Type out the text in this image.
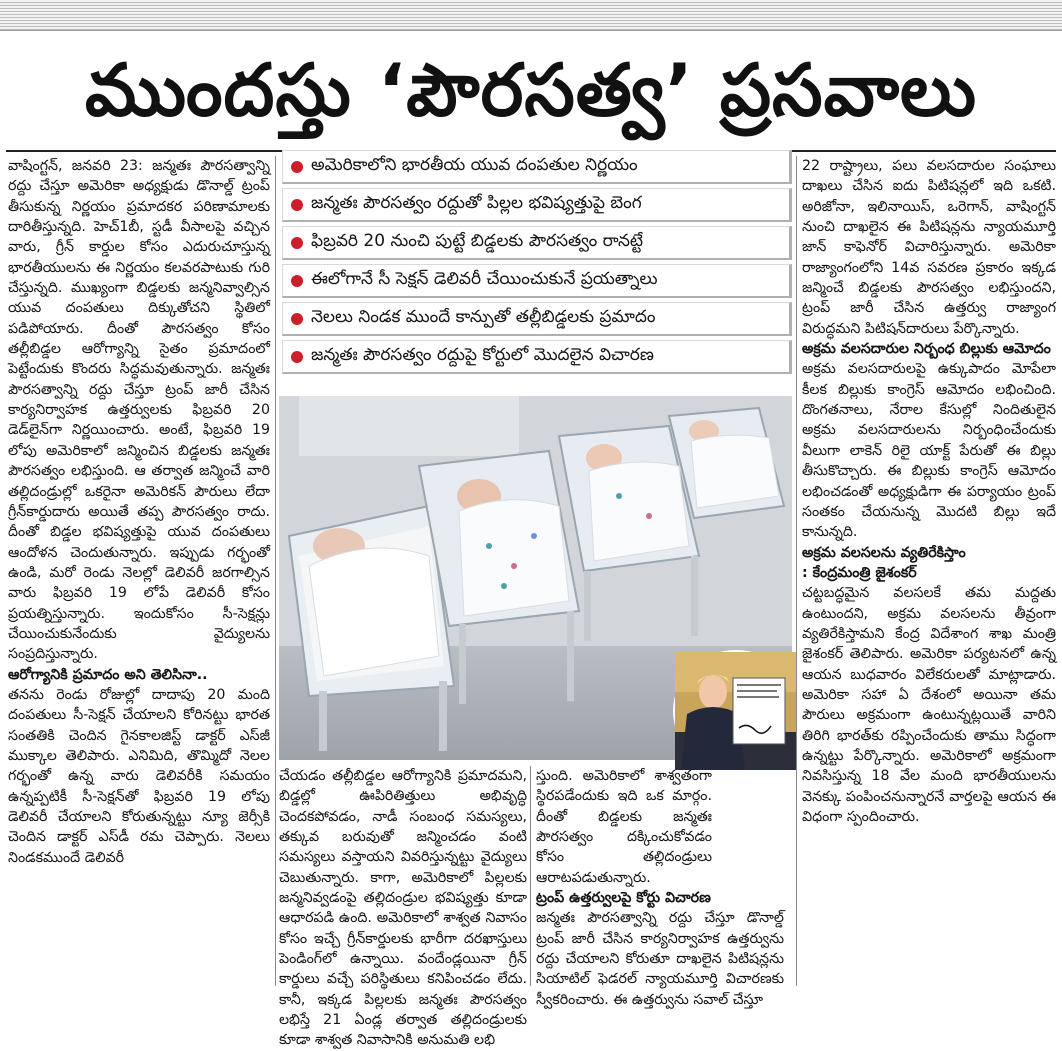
ముందస్తు ‘పౌరసత్వ’ ప్రసవాలు

వాషింగ్టన్, జనవరి 23: జన్మతః పౌరసత్వాన్ని రద్దు చేస్తూ అమెరికా అధ్యక్షుడు డొనాల్డ్ ట్రంప్ తీసుకున్న నిర్ణయం ప్రమాదకర పరిణామాలకు దారితీస్తున్నది. హెచ్1బీ, స్టడీ వీసాలపై వచ్చిన వారు, గ్రీన్ కార్డుల కోసం ఎదురుచూస్తున్న భారతీయులను ఈ నిర్ణయం కలవరపాటుకు గురి చేస్తున్నది. ముఖ్యంగా బిడ్డలకు జన్మనివ్వాల్సిన యువ దంపతులు దిక్కుతోచని స్థితిలో పడిపోయారు. దీంతో పౌరసత్వం కోసం తల్లీబిడ్డల ఆరోగ్యాన్ని సైతం ప్రమాదంలో పెట్టేందుకు కొందరు సిద్ధమవుతున్నారు. జన్మతః పౌరసత్వాన్ని రద్దు చేస్తూ ట్రంప్ జారీ చేసిన కార్యనిర్వాహక ఉత్తర్వులకు ఫిబ్రవరి 20 డెడ్‌లైన్‌గా నిర్ణయించారు. అంటే, ఫిబ్రవరి 19 లోపు అమెరికాలో జన్మించిన బిడ్డలకు జన్మతః పౌరసత్వం లభిస్తుంది. ఆ తర్వాత జన్మించే వారి తల్లిదండ్రుల్లో ఒకరైనా అమెరికన్ పౌరులు లేదా గ్రీన్‌కార్డుదారు అయితే తప్ప పౌరసత్వం రాదు. దీంతో బిడ్డల భవిష్యత్తుపై యువ దంపతులు ఆందోళన చెందుతున్నారు. ఇప్పుడు గర్భంతో ఉండి, మరో రెండు నెలల్లో డెలివరీ జరగాల్సిన వారు ఫిబ్రవరి 19 లోపే డెలివరీ కోసం ప్రయత్నిస్తున్నారు. ఇందుకోసం సీ-సెక్షన్లు చేయించుకునేందుకు వైద్యులను సంప్రదిస్తున్నారు.

ఆరోగ్యానికి ప్రమాదం అని తెలిసినా..

తనను రెండు రోజుల్లో దాదాపు 20 మంది దంపతులు సీ-సెక్షన్ చేయాలని కోరినట్టు భారత సంతతికి చెందిన గైనకాలజిస్ట్ డాక్టర్ ఎస్‌జీ ముక్కాల తెలిపారు. ఎనిమిది, తొమ్మిదో నెలల గర్భంతో ఉన్న వారు డెలివరీకి సమయం ఉన్నప్పటికీ సీ-సెక్షన్‌తో ఫిబ్రవరి 19 లోపు డెలివరీ చేయాలని కోరుతున్నట్టు న్యూ జెర్సీకి చెందిన డాక్టర్ ఎస్‌డీ రమ చెప్పారు. నెలలు నిండకముందే డెలివరీ

అమెరికాలోని భారతీయ యువ దంపతుల నిర్ణయం
జన్మతః పౌరసత్వం రద్దుతో పిల్లల భవిష్యత్తుపై బెంగ
ఫిబ్రవరి 20 నుంచి పుట్టే బిడ్డలకు పౌరసత్వం రానట్టే
ఈలోగానే సీ సెక్షన్ డెలివరీ చేయించుకునే ప్రయత్నాలు
నెలలు నిండక ముందే కాన్పుతో తల్లీబిడ్డలకు ప్రమాదం
జన్మతః పౌరసత్వం రద్దుపై కోర్టులో మొదలైన విచారణ

చేయడం తల్లీబిడ్డల ఆరోగ్యానికి ప్రమాదమని, బిడ్డల్లో ఊపిరితిత్తులు అభివృద్ధి చెందకపోవడం, నాడీ సంబంధ సమస్యలు, తక్కువ బరువుతో జన్మించడం వంటి సమస్యలు వస్తాయని వివరిస్తున్నట్టు వైద్యులు చెబుతున్నారు. కాగా, అమెరికాలో పిల్లలకు జన్మనివ్వడంపై తల్లిదండ్రుల భవిష్యత్తు కూడా ఆధారపడి ఉంది. అమెరికాలో శాశ్వత నివాసం కోసం ఇచ్చే గ్రీన్‌కార్డులకు భారీగా దరఖాస్తులు పెండింగ్‌లో ఉన్నాయి. వందేండ్లయినా గ్రీన్ కార్డులు వచ్చే పరిస్థితులు కనిపించడం లేదు. కానీ, ఇక్కడ పిల్లలకు జన్మతః పౌరసత్వం లభిస్తే 21 ఏండ్ల తర్వాత తల్లిదండ్రులకు కూడా శాశ్వత నివాసానికి అనుమతి లభి

స్తుంది. అమెరికాలో శాశ్వతంగా స్థిరపడేందుకు ఇది ఒక మార్గం. దీంతో బిడ్డలకు జన్మతః పౌరసత్వం దక్కించుకోవడం కోసం తల్లిదండ్రులు ఆరాటపడుతున్నారు.

ట్రంప్ ఉత్తర్వులపై కోర్టు విచారణ

జన్మతః పౌరసత్వాన్ని రద్దు చేస్తూ డొనాల్డ్ ట్రంప్ జారీ చేసిన కార్యనిర్వాహక ఉత్తర్వును రద్దు చేయాలని కోరుతూ దాఖలైన పిటిషన్లను సియాటిల్ ఫెడరల్ న్యాయమూర్తి విచారణకు స్వీకరించారు. ఈ ఉత్తర్వును సవాల్ చేస్తూ

22 రాష్ట్రాలు, పలు వలసదారుల సంఘాలు దాఖలు చేసిన ఐదు పిటిషన్లలో ఇది ఒకటి. అరిజోనా, ఇలినాయిస్, ఒరెగాన్, వాషింగ్టన్ నుంచి దాఖలైన ఈ పిటిషన్లను న్యాయమూర్తి జాన్ కాఫెనోర్ విచారిస్తున్నారు. అమెరికా రాజ్యాంగంలోని 14వ సవరణ ప్రకారం ఇక్కడ జన్మించే బిడ్డలకు పౌరసత్వం లభిస్తుందని, ట్రంప్ జారీ చేసిన ఉత్తర్వు రాజ్యాంగ విరుద్ధమని పిటిషన్‌దారులు పేర్కొన్నారు.

అక్రమ వలసదారుల నిర్బంధ బిల్లుకు ఆమోదం

అక్రమ వలసదారులపై ఉక్కుపాదం మోపేలా కీలక బిల్లుకు కాంగ్రెస్ ఆమోదం లభించింది. దొంగతనాలు, నేరాల కేసుల్లో నిందితులైన అక్రమ వలసదారులను నిర్బంధించేందుకు వీలుగా లాకెన్ రిలై యాక్ట్ పేరుతో ఈ బిల్లు తీసుకొచ్చారు. ఈ బిల్లుకు కాంగ్రెస్ ఆమోదం లభించడంతో అధ్యక్షుడిగా ఈ పర్యాయం ట్రంప్ సంతకం చేయనున్న మొదటి బిల్లు ఇదే కానున్నది.

అక్రమ వలసలను వ్యతిరేకిస్తాం

: కేంద్రమంత్రి జైశంకర్

చట్టబద్ధమైన వలసలకే తమ మద్దతు ఉంటుందని, అక్రమ వలసలను తీవ్రంగా వ్యతిరేకిస్తామని కేంద్ర విదేశాంగ శాఖ మంత్రి జైశంకర్ తెలిపారు. అమెరికా పర్యటనలో ఉన్న ఆయన బుధవారం విలేకరులతో మాట్లాడారు. అమెరికా సహా ఏ దేశంలో అయినా తమ పౌరులు అక్రమంగా ఉంటున్నట్లయితే వారిని తిరిగి భారత్‌కు రప్పించేందుకు తాము సిద్ధంగా ఉన్నట్టు పేర్కొన్నారు. అమెరికాలో అక్రమంగా నివసిస్తున్న 18 వేల మంది భారతీయులను వెనక్కు పంపించనున్నారనే వార్తలపై ఆయన ఈ విధంగా స్పందించారు.
